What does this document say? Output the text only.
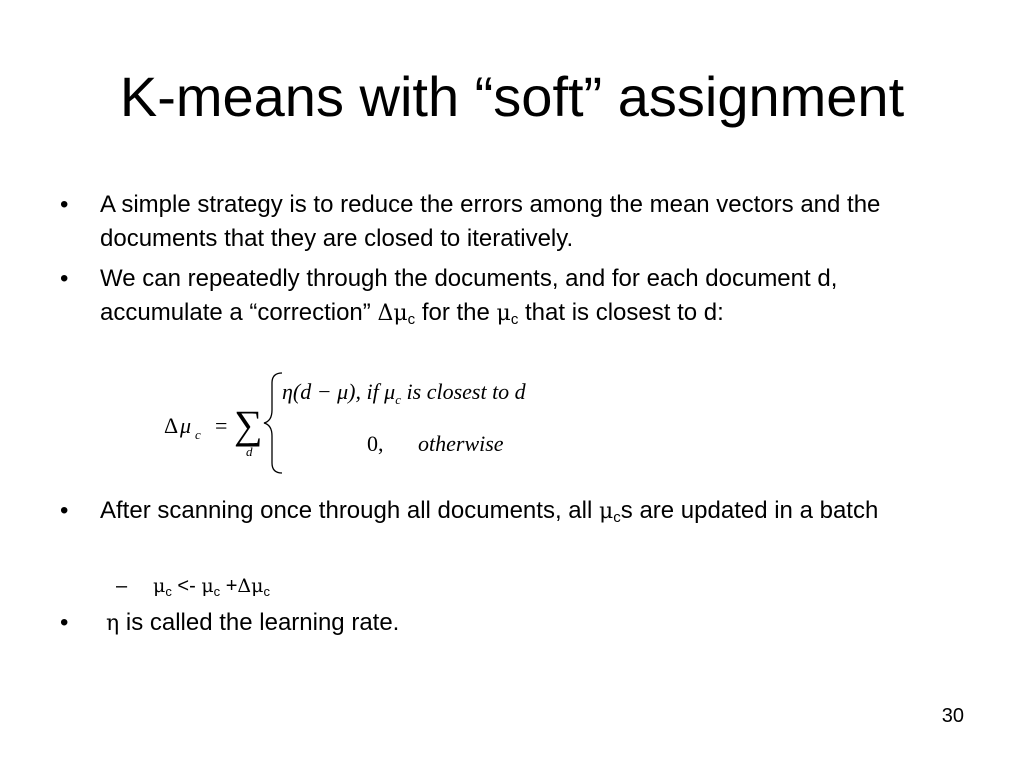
K-means with “soft” assignment
•	A simple strategy is to reduce the errors among the mean vectors and the documents that they are closed to iteratively.
•	We can repeatedly through the documents, and for each document d, accumulate a “correction” $\Delta\mu_c$ for the $\mu_c$ that is closest to d:
Δ μ c = ∑
d
η(d − μ), if $\mu_c$ is closest to d
0, otherwise
•	After scanning once through all documents, all $\mu_cs$ are updated in a batch
– $\mu_c <- \mu_c +\Delta\mu_c$
•	η is called the learning rate.
30
